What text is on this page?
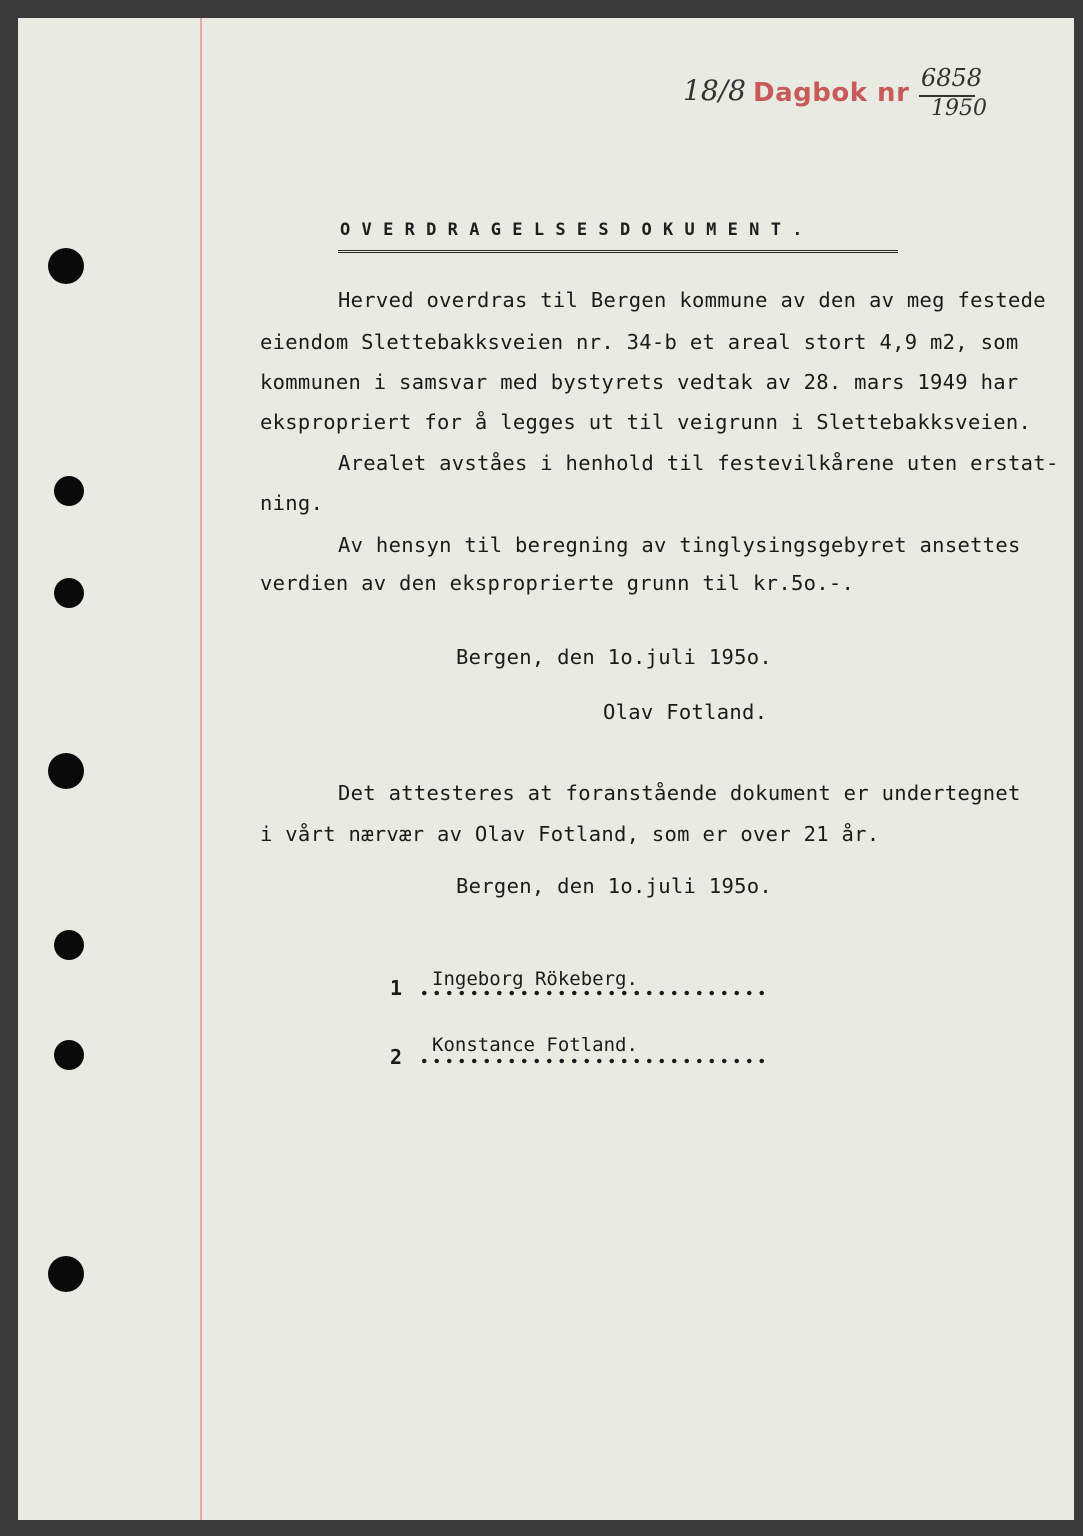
18/8 Dagbok nr 6858
1950
OVERDRAGELSESDOKUMENT.
Herved overdras til Bergen kommune av den av meg festede
eiendom Slettebakksveien nr. 34-b et areal stort 4,9 m2, som
kommunen i samsvar med bystyrets vedtak av 28. mars 1949 har
ekspropriert for å legges ut til veigrunn i Slettebakksveien.
Arealet avståes i henhold til festevilkårene uten erstat-
ning.
Av hensyn til beregning av tinglysingsgebyret ansettes
verdien av den eksproprierte grunn til kr.5o.-.
Bergen, den 1o.juli 195o.
Olav Fotland.
Det attesteres at foranstående dokument er undertegnet
i vårt nærvær av Olav Fotland, som er over 21 år.
Bergen, den 1o.juli 195o.
1 Ingeborg Rökeberg.
2 Konstance Fotland.
